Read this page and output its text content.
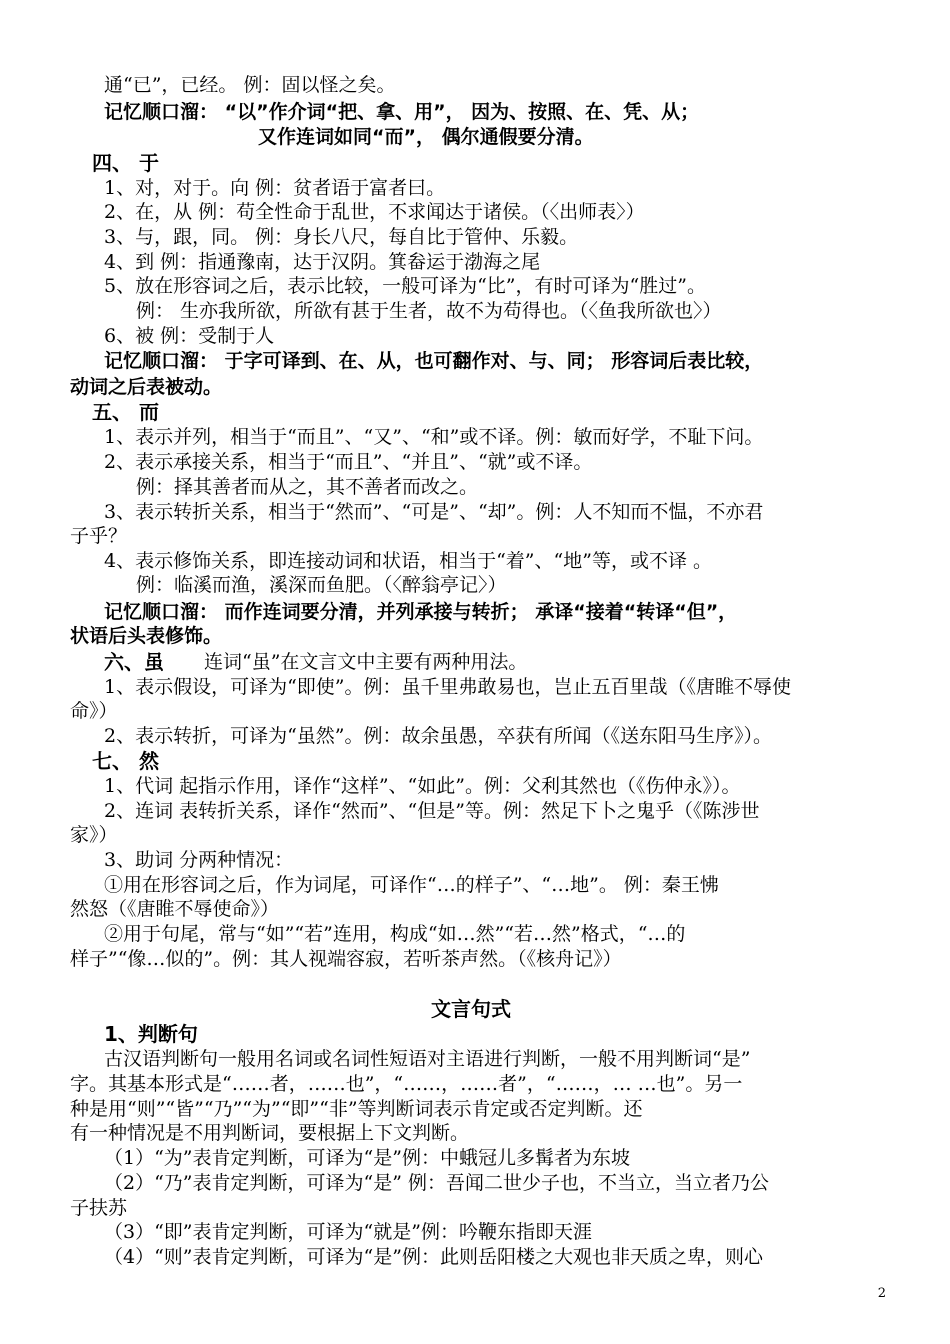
通“已”，已经。 例：固以怪之矣。
记忆顺口溜： “以”作介词“把、拿、用”， 因为、按照、在、凭、从；
又作连词如同“而”， 偶尔通假要分清。
四、 于
1、对，对于。向 例：贫者语于富者曰。
2、在，从 例：苟全性命于乱世，不求闻达于诸侯。（〈出师表〉）
3、与，跟，同。 例：身长八尺，每自比于管仲、乐毅。
4、到 例：指通豫南，达于汉阴。箕畚运于渤海之尾
5、放在形容词之后，表示比较，一般可译为“比”，有时可译为“胜过”。
例： 生亦我所欲，所欲有甚于生者，故不为苟得也。（〈鱼我所欲也〉）
6、被 例：受制于人
记忆顺口溜： 于字可译到、在、从，也可翻作对、与、同； 形容词后表比较，
动词之后表被动。
五、 而
1、表示并列，相当于“而且”、“又”、“和”或不译。例：敏而好学，不耻下问。
2、表示承接关系，相当于“而且”、“并且”、“就”或不译。
例：择其善者而从之，其不善者而改之。
3、表示转折关系，相当于“然而”、“可是”、“却”。例：人不知而不愠，不亦君
子乎？
4、表示修饰关系，即连接动词和状语，相当于“着”、“地”等，或不译 。
例：临溪而渔，溪深而鱼肥。（〈醉翁亭记〉）
记忆顺口溜： 而作连词要分清，并列承接与转折； 承译“接着“转译“但”，
状语后头表修饰。
六、虽 连词“虽”在文言文中主要有两种用法。
1、表示假设，可译为“即使”。例：虽千里弗敢易也，岂止五百里哉（《唐睢不辱使
命》）
2、表示转折，可译为“虽然”。例：故余虽愚，卒获有所闻（《送东阳马生序》）。
七、 然
1、代词 起指示作用，译作“这样”、“如此”。例：父利其然也（《伤仲永》）。
2、连词 表转折关系，译作“然而”、“但是”等。例：然足下卜之鬼乎（《陈涉世
家》）
3、助词 分两种情况：
①用在形容词之后，作为词尾，可译作“…的样子”、“…地”。 例：秦王怫
然怒（《唐睢不辱使命》）
②用于句尾，常与“如”“若”连用，构成“如…然”“若…然”格式，“…的
样子”“像…似的”。例：其人视端容寂，若听茶声然。（《核舟记》）
文言句式
1、判断句
古汉语判断句一般用名词或名词性短语对主语进行判断，一般不用判断词“是”
字。其基本形式是“……者，……也”，“……，……者”，“……，… …也”。另一
种是用“则”“皆”“乃”“为”“即”“非”等判断词表示肯定或否定判断。还
有一种情况是不用判断词，要根据上下文判断。
（1）“为”表肯定判断，可译为“是”例：中蛾冠儿多髯者为东坡
（2）“乃”表肯定判断，可译为“是” 例：吾闻二世少子也，不当立，当立者乃公
子扶苏
（3）“即”表肯定判断，可译为“就是”例：吟鞭东指即天涯
（4）“则”表肯定判断，可译为“是”例：此则岳阳楼之大观也非天质之卑，则心
2
